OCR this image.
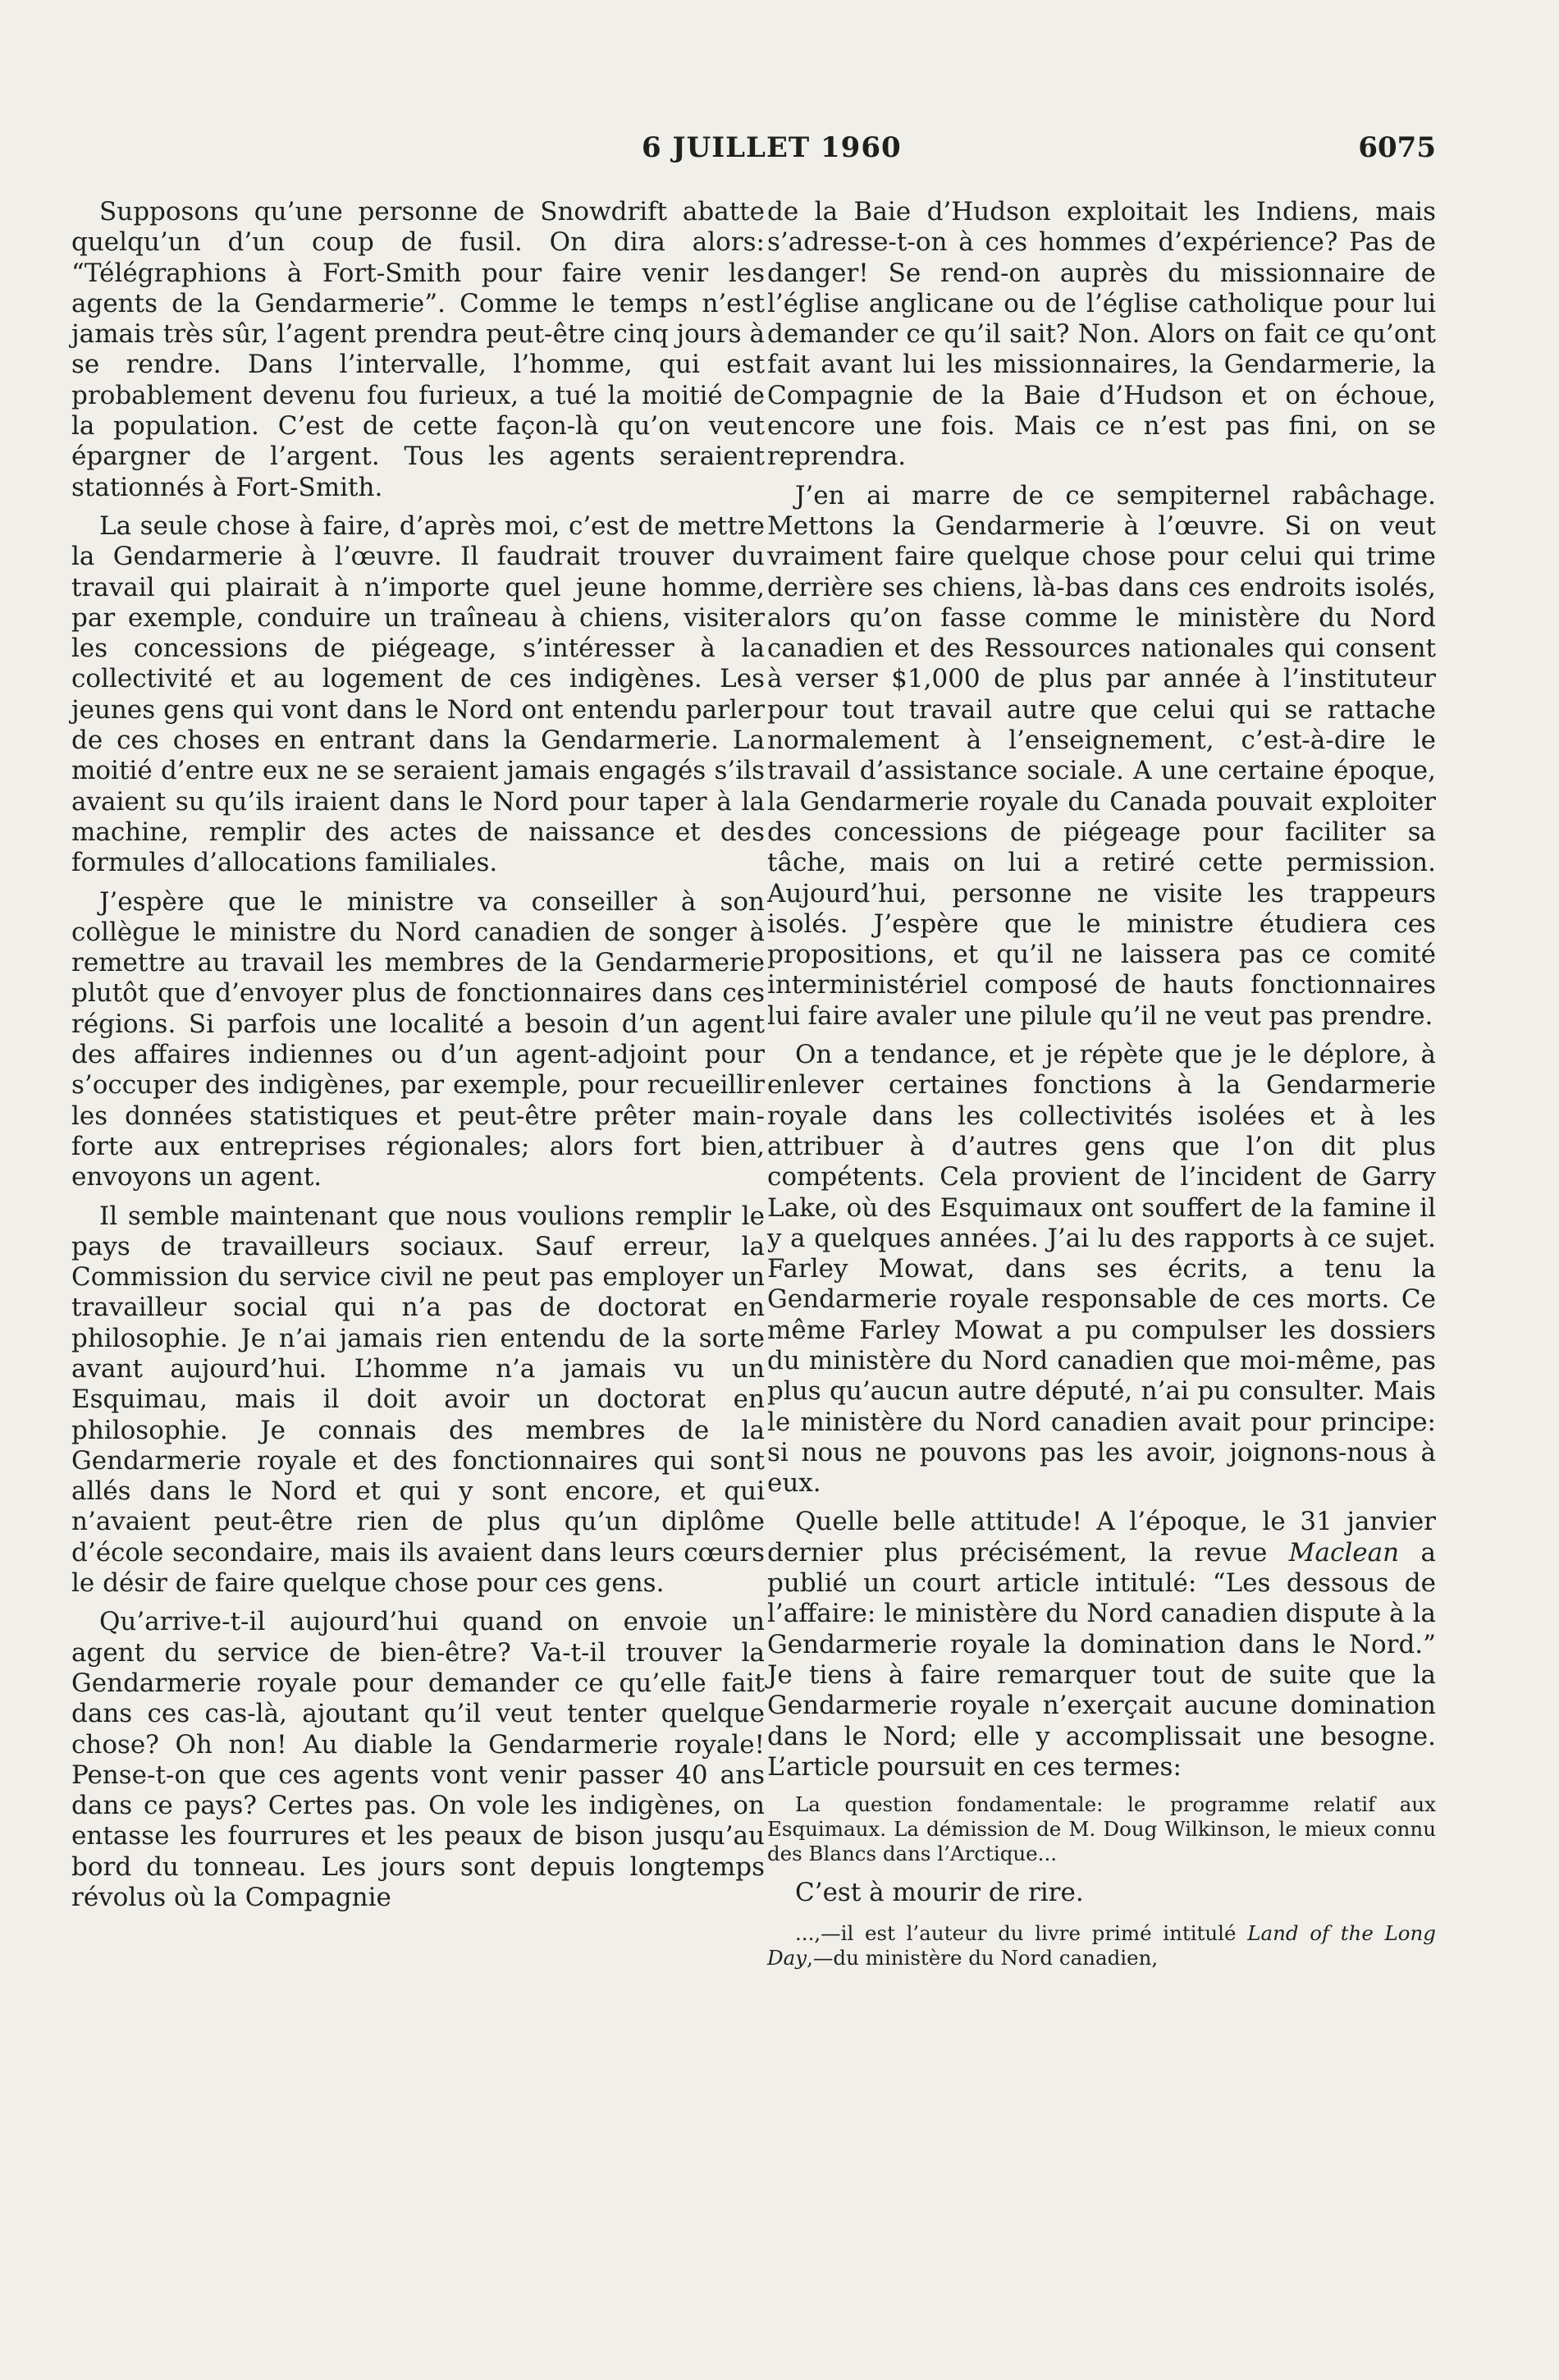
6 JUILLET 1960	6075

Supposons qu’une personne de Snowdrift abatte quelqu’un d’un coup de fusil. On dira alors: “Télégraphions à Fort-Smith pour faire venir les agents de la Gendarmerie”. Comme le temps n’est jamais très sûr, l’agent prendra peut-être cinq jours à se rendre. Dans l’intervalle, l’homme, qui est probablement devenu fou furieux, a tué la moitié de la population. C’est de cette façon-là qu’on veut épargner de l’argent. Tous les agents seraient stationnés à Fort-Smith.

La seule chose à faire, d’après moi, c’est de mettre la Gendarmerie à l’œuvre. Il faudrait trouver du travail qui plairait à n’importe quel jeune homme, par exemple, conduire un traîneau à chiens, visiter les concessions de piégeage, s’intéresser à la collectivité et au logement de ces indigènes. Les jeunes gens qui vont dans le Nord ont entendu parler de ces choses en entrant dans la Gendarmerie. La moitié d’entre eux ne se seraient jamais engagés s’ils avaient su qu’ils iraient dans le Nord pour taper à la machine, remplir des actes de naissance et des formules d’allocations familiales.

J’espère que le ministre va conseiller à son collègue le ministre du Nord canadien de songer à remettre au travail les membres de la Gendarmerie plutôt que d’envoyer plus de fonctionnaires dans ces régions. Si parfois une localité a besoin d’un agent des affaires indiennes ou d’un agent-adjoint pour s’occuper des indigènes, par exemple, pour recueillir les données statistiques et peut-être prêter main-forte aux entreprises régionales; alors fort bien, envoyons un agent.

Il semble maintenant que nous voulions remplir le pays de travailleurs sociaux. Sauf erreur, la Commission du service civil ne peut pas employer un travailleur social qui n’a pas de doctorat en philosophie. Je n’ai jamais rien entendu de la sorte avant aujourd’hui. L’homme n’a jamais vu un Esquimau, mais il doit avoir un doctorat en philosophie. Je connais des membres de la Gendarmerie royale et des fonctionnaires qui sont allés dans le Nord et qui y sont encore, et qui n’avaient peut-être rien de plus qu’un diplôme d’école secondaire, mais ils avaient dans leurs cœurs le désir de faire quelque chose pour ces gens.

Qu’arrive-t-il aujourd’hui quand on envoie un agent du service de bien-être? Va-t-il trouver la Gendarmerie royale pour demander ce qu’elle fait dans ces cas-là, ajoutant qu’il veut tenter quelque chose? Oh non! Au diable la Gendarmerie royale! Pense-t-on que ces agents vont venir passer 40 ans dans ce pays? Certes pas. On vole les indigènes, on entasse les fourrures et les peaux de bison jusqu’au bord du tonneau. Les jours sont depuis longtemps révolus où la Compagnie

de la Baie d’Hudson exploitait les Indiens, mais s’adresse-t-on à ces hommes d’expérience? Pas de danger! Se rend-on auprès du missionnaire de l’église anglicane ou de l’église catholique pour lui demander ce qu’il sait? Non. Alors on fait ce qu’ont fait avant lui les missionnaires, la Gendarmerie, la Compagnie de la Baie d’Hudson et on échoue, encore une fois. Mais ce n’est pas fini, on se reprendra.

J’en ai marre de ce sempiternel rabâchage. Mettons la Gendarmerie à l’œuvre. Si on veut vraiment faire quelque chose pour celui qui trime derrière ses chiens, là-bas dans ces endroits isolés, alors qu’on fasse comme le ministère du Nord canadien et des Ressources nationales qui consent à verser $1,000 de plus par année à l’instituteur pour tout travail autre que celui qui se rattache normalement à l’enseignement, c’est-à-dire le travail d’assistance sociale. A une certaine époque, la Gendarmerie royale du Canada pouvait exploiter des concessions de piégeage pour faciliter sa tâche, mais on lui a retiré cette permission. Aujourd’hui, personne ne visite les trappeurs isolés. J’espère que le ministre étudiera ces propositions, et qu’il ne laissera pas ce comité interministériel composé de hauts fonctionnaires lui faire avaler une pilule qu’il ne veut pas prendre.

On a tendance, et je répète que je le déplore, à enlever certaines fonctions à la Gendarmerie royale dans les collectivités isolées et à les attribuer à d’autres gens que l’on dit plus compétents. Cela provient de l’incident de Garry Lake, où des Esquimaux ont souffert de la famine il y a quelques années. J’ai lu des rapports à ce sujet. Farley Mowat, dans ses écrits, a tenu la Gendarmerie royale responsable de ces morts. Ce même Farley Mowat a pu compulser les dossiers du ministère du Nord canadien que moi-même, pas plus qu’aucun autre député, n’ai pu consulter. Mais le ministère du Nord canadien avait pour principe: si nous ne pouvons pas les avoir, joignons-nous à eux.

Quelle belle attitude! A l’époque, le 31 janvier dernier plus précisément, la revue Maclean a publié un court article intitulé: “Les dessous de l’affaire: le ministère du Nord canadien dispute à la Gendarmerie royale la domination dans le Nord.” Je tiens à faire remarquer tout de suite que la Gendarmerie royale n’exerçait aucune domination dans le Nord; elle y accomplissait une besogne. L’article poursuit en ces termes:

La question fondamentale: le programme relatif aux Esquimaux. La démission de M. Doug Wilkinson, le mieux connu des Blancs dans l’Arctique...

C’est à mourir de rire.

...,—il est l’auteur du livre primé intitulé Land of the Long Day,—du ministère du Nord canadien,
